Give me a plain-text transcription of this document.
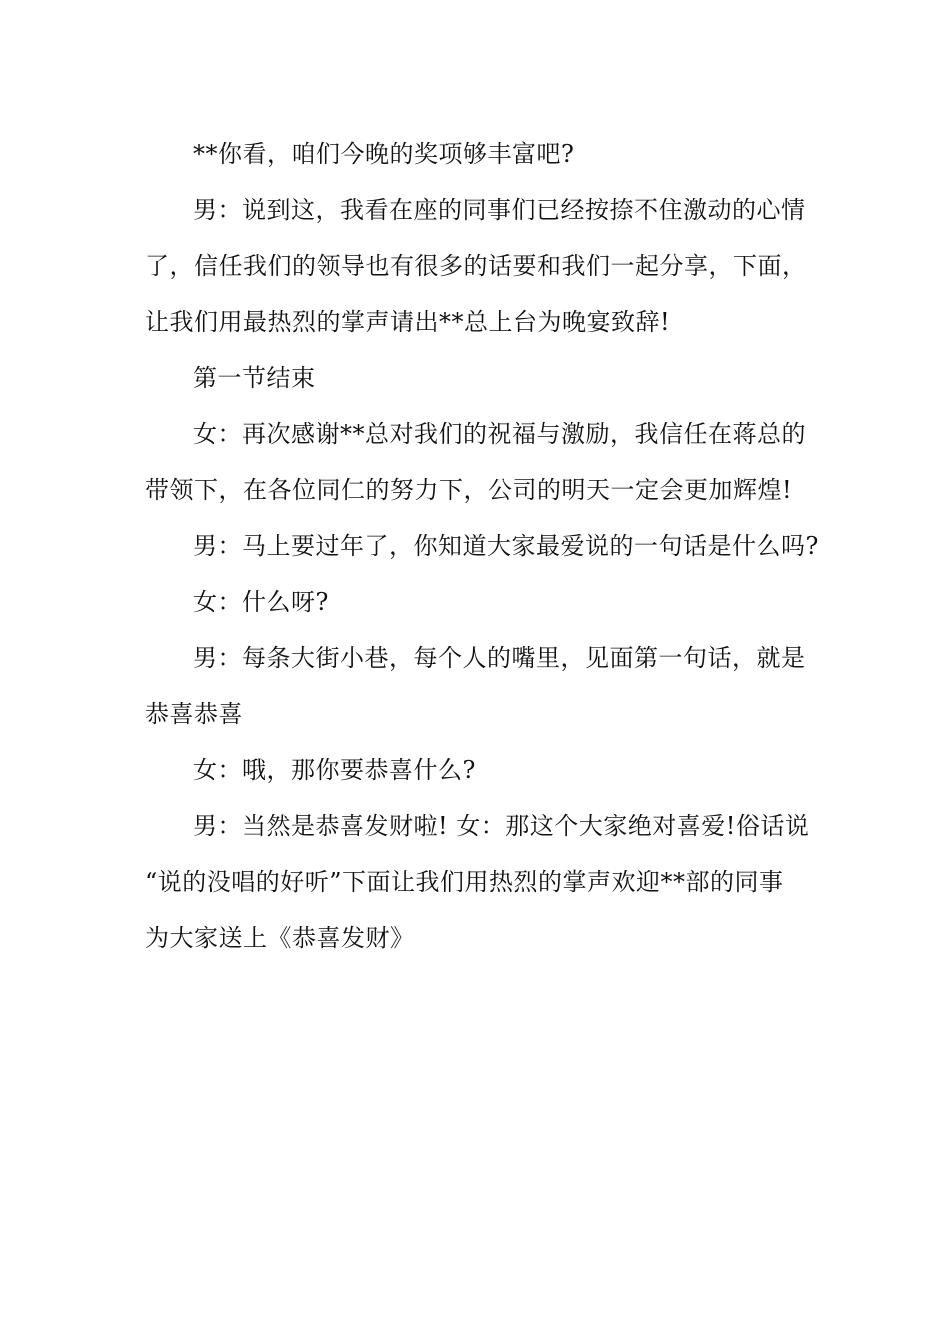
**你看，咱们今晚的奖项够丰富吧?
男：说到这，我看在座的同事们已经按捺不住激动的心情
了，信任我们的领导也有很多的话要和我们一起分享，下面，
让我们用最热烈的掌声请出**总上台为晚宴致辞!
第一节结束
女：再次感谢**总对我们的祝福与激励，我信任在蒋总的
带领下，在各位同仁的努力下，公司的明天一定会更加辉煌!
男：马上要过年了，你知道大家最爱说的一句话是什么吗?
女：什么呀?
男：每条大街小巷，每个人的嘴里，见面第一句话，就是
恭喜恭喜
女：哦，那你要恭喜什么?
男：当然是恭喜发财啦! 女：那这个大家绝对喜爱!俗话说
“说的没唱的好听”下面让我们用热烈的掌声欢迎**部的同事
为大家送上《恭喜发财》
